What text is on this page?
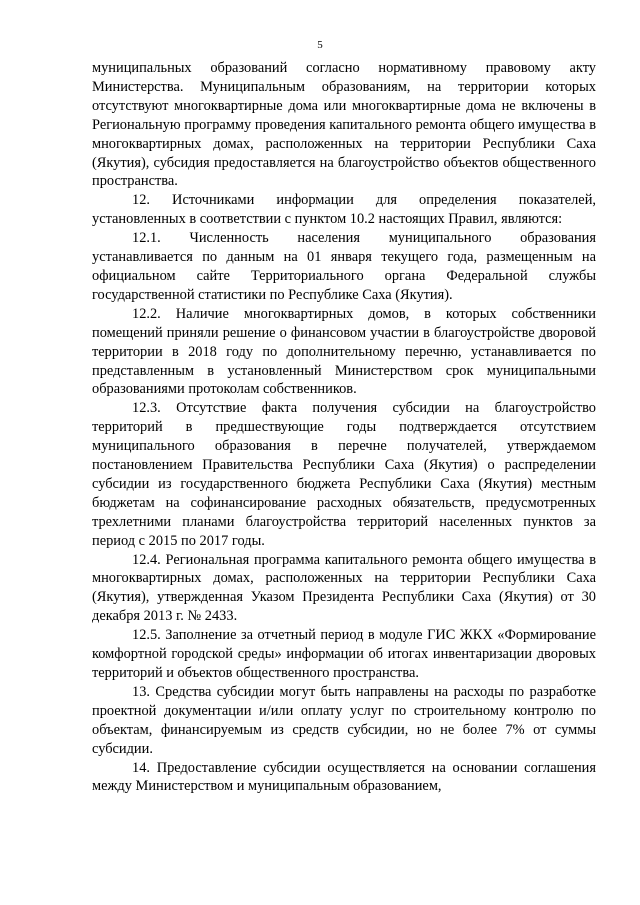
5

муниципальных образований согласно нормативному правовому акту Министерства. Муниципальным образованиям, на территории которых отсутствуют многоквартирные дома или многоквартирные дома не включены в Региональную программу проведения капитального ремонта общего имущества в многоквартирных домах, расположенных на территории Республики Саха (Якутия), субсидия предоставляется на благоустройство объектов общественного пространства.

12. Источниками информации для определения показателей, установленных в соответствии с пунктом 10.2 настоящих Правил, являются:

12.1. Численность населения муниципального образования устанавливается по данным на 01 января текущего года, размещенным на официальном сайте Территориального органа Федеральной службы государственной статистики по Республике Саха (Якутия).

12.2. Наличие многоквартирных домов, в которых собственники помещений приняли решение о финансовом участии в благоустройстве дворовой территории в 2018 году по дополнительному перечню, устанавливается по представленным в установленный Министерством срок муниципальными образованиями протоколам собственников.

12.3. Отсутствие факта получения субсидии на благоустройство территорий в предшествующие годы подтверждается отсутствием муниципального образования в перечне получателей, утверждаемом постановлением Правительства Республики Саха (Якутия) о распределении субсидии из государственного бюджета Республики Саха (Якутия) местным бюджетам на софинансирование расходных обязательств, предусмотренных трехлетними планами благоустройства территорий населенных пунктов за период с 2015 по 2017 годы.

12.4. Региональная программа капитального ремонта общего имущества в многоквартирных домах, расположенных на территории Республики Саха (Якутия), утвержденная Указом Президента Республики Саха (Якутия) от 30 декабря 2013 г. № 2433.

12.5. Заполнение за отчетный период в модуле ГИС ЖКХ «Формирование комфортной городской среды» информации об итогах инвентаризации дворовых территорий и объектов общественного пространства.

13. Средства субсидии могут быть направлены на расходы по разработке проектной документации и/или оплату услуг по строительному контролю по объектам, финансируемым из средств субсидии, но не более 7% от суммы субсидии.

14. Предоставление субсидии осуществляется на основании соглашения между Министерством и муниципальным образованием,
